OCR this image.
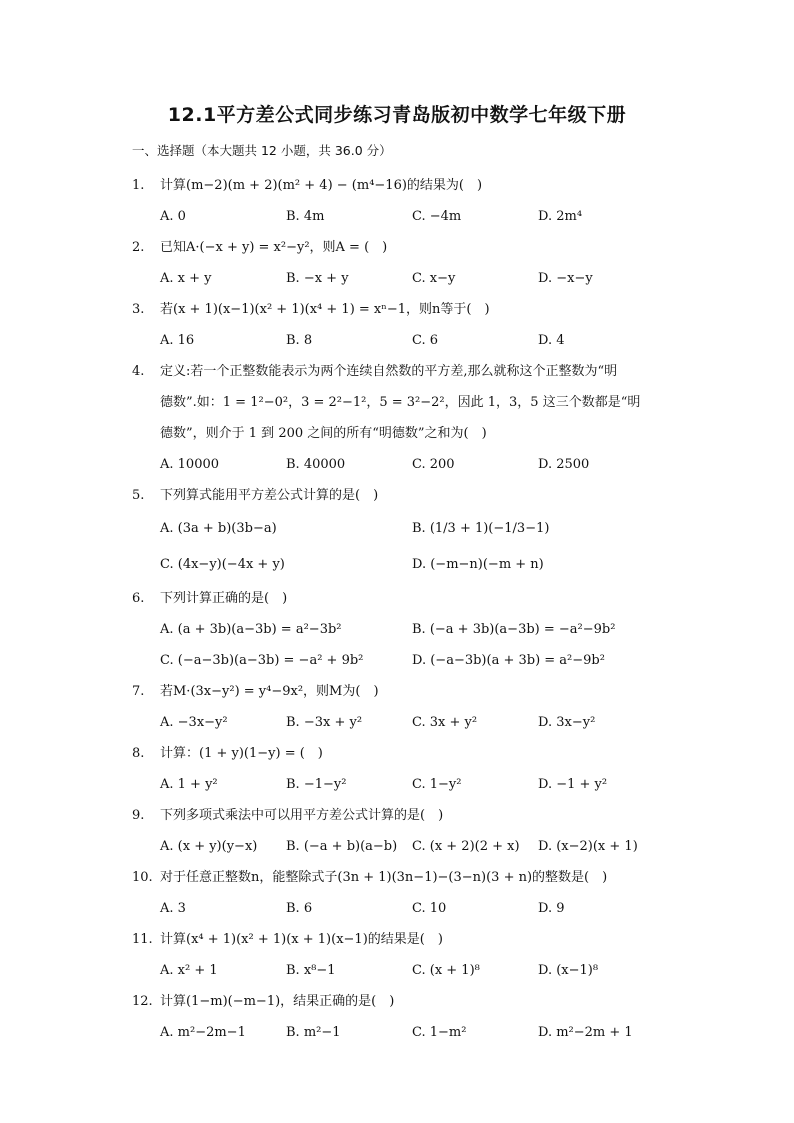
12.1平方差公式同步练习青岛版初中数学七年级下册
一、选择题（本大题共 12 小题，共 36.0 分）
1. 计算(m−2)(m + 2)(m² + 4) − (m⁴−16)的结果为(　)
A. 0	B. 4m	C. −4m	D. 2m⁴
2. 已知A·(−x + y) = x²−y²，则A = (　)
A. x + y	B. −x + y	C. x−y	D. −x−y
3. 若(x + 1)(x−1)(x² + 1)(x⁴ + 1) = xⁿ−1，则n等于(　)
A. 16	B. 8	C. 6	D. 4
4. 定义:若一个正整数能表示为两个连续自然数的平方差,那么就称这个正整数为“明
德数”.如：1 = 1²−0²，3 = 2²−1²，5 = 3²−2²，因此 1，3，5 这三个数都是“明
德数”，则介于 1 到 200 之间的所有“明德数”之和为(　)
A. 10000	B. 40000	C. 200	D. 2500
5. 下列算式能用平方差公式计算的是(　)
A. (3a + b)(3b−a)	B. (1/3 + 1)(−1/3−1)
C. (4x−y)(−4x + y)	D. (−m−n)(−m + n)
6. 下列计算正确的是(　)
A. (a + 3b)(a−3b) = a²−3b²	B. (−a + 3b)(a−3b) = −a²−9b²
C. (−a−3b)(a−3b) = −a² + 9b²	D. (−a−3b)(a + 3b) = a²−9b²
7. 若M·(3x−y²) = y⁴−9x²，则M为(　)
A. −3x−y²	B. −3x + y²	C. 3x + y²	D. 3x−y²
8. 计算：(1 + y)(1−y) = (　)
A. 1 + y²	B. −1−y²	C. 1−y²	D. −1 + y²
9. 下列多项式乘法中可以用平方差公式计算的是(　)
A. (x + y)(y−x)	B. (−a + b)(a−b)	C. (x + 2)(2 + x)	D. (x−2)(x + 1)
10. 对于任意正整数n，能整除式子(3n + 1)(3n−1)−(3−n)(3 + n)的整数是(　)
A. 3	B. 6	C. 10	D. 9
11. 计算(x⁴ + 1)(x² + 1)(x + 1)(x−1)的结果是(　)
A. x² + 1	B. x⁸−1	C. (x + 1)⁸	D. (x−1)⁸
12. 计算(1−m)(−m−1)，结果正确的是(　)
A. m²−2m−1	B. m²−1	C. 1−m²	D. m²−2m + 1
